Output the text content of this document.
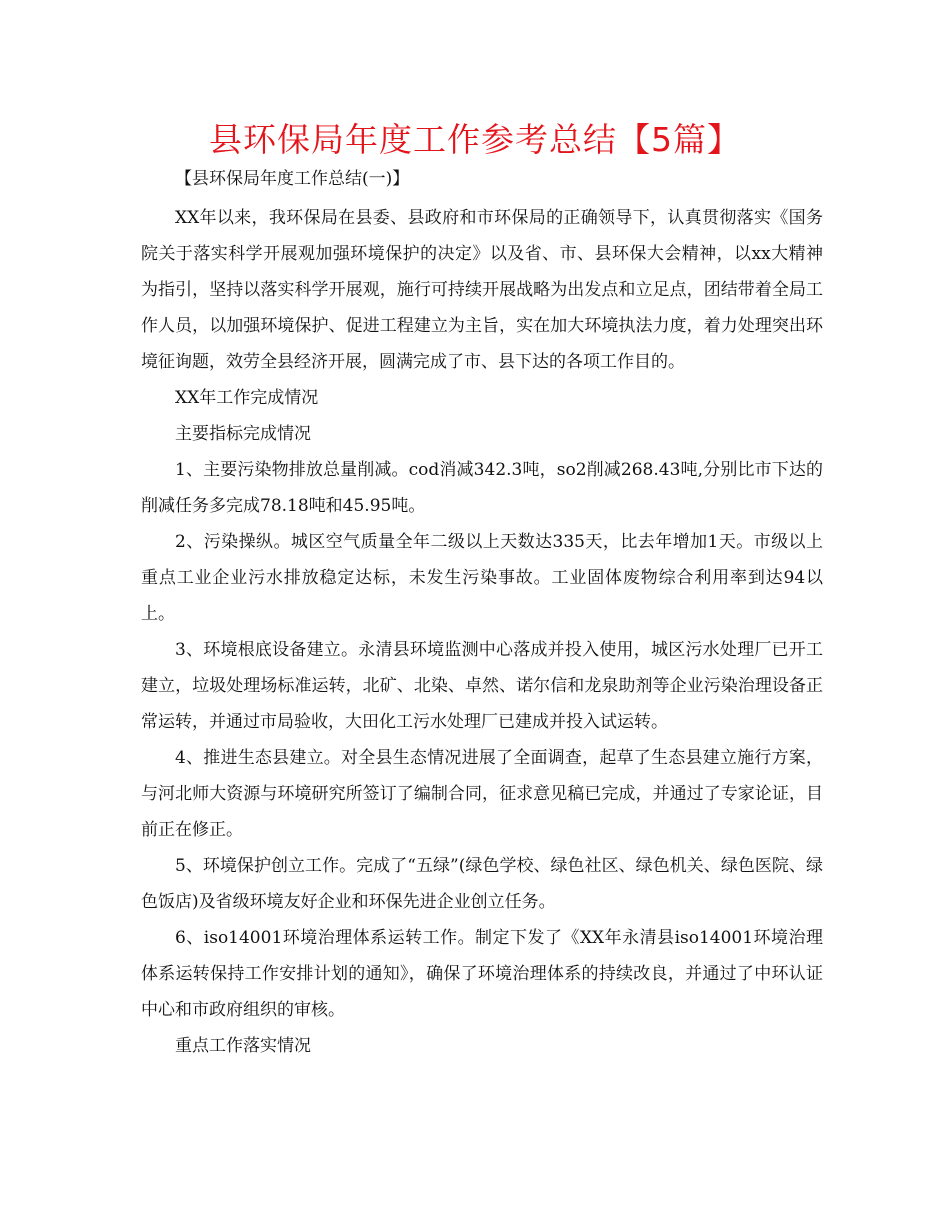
县环保局年度工作参考总结【5篇】

【县环保局年度工作总结(一)】

XX年以来，我环保局在县委、县政府和市环保局的正确领导下，认真贯彻落实《国务院关于落实科学开展观加强环境保护的决定》以及省、市、县环保大会精神，以xx大精神为指引，坚持以落实科学开展观，施行可持续开展战略为出发点和立足点，团结带着全局工作人员，以加强环境保护、促进工程建立为主旨，实在加大环境执法力度，着力处理突出环境征询题，效劳全县经济开展，圆满完成了市、县下达的各项工作目的。

XX年工作完成情况

主要指标完成情况

1、主要污染物排放总量削减。cod消减342.3吨，so2削减268.43吨,分别比市下达的削减任务多完成78.18吨和45.95吨。

2、污染操纵。城区空气质量全年二级以上天数达335天，比去年增加1天。市级以上重点工业企业污水排放稳定达标，未发生污染事故。工业固体废物综合利用率到达94以上。

3、环境根底设备建立。永清县环境监测中心落成并投入使用，城区污水处理厂已开工建立，垃圾处理场标准运转，北矿、北染、卓然、诺尔信和龙泉助剂等企业污染治理设备正常运转，并通过市局验收，大田化工污水处理厂已建成并投入试运转。

4、推进生态县建立。对全县生态情况进展了全面调查，起草了生态县建立施行方案，与河北师大资源与环境研究所签订了编制合同，征求意见稿已完成，并通过了专家论证，目前正在修正。

5、环境保护创立工作。完成了“五绿”(绿色学校、绿色社区、绿色机关、绿色医院、绿色饭店)及省级环境友好企业和环保先进企业创立任务。

6、iso14001环境治理体系运转工作。制定下发了《XX年永清县iso14001环境治理体系运转保持工作安排计划的通知》，确保了环境治理体系的持续改良，并通过了中环认证中心和市政府组织的审核。

重点工作落实情况
